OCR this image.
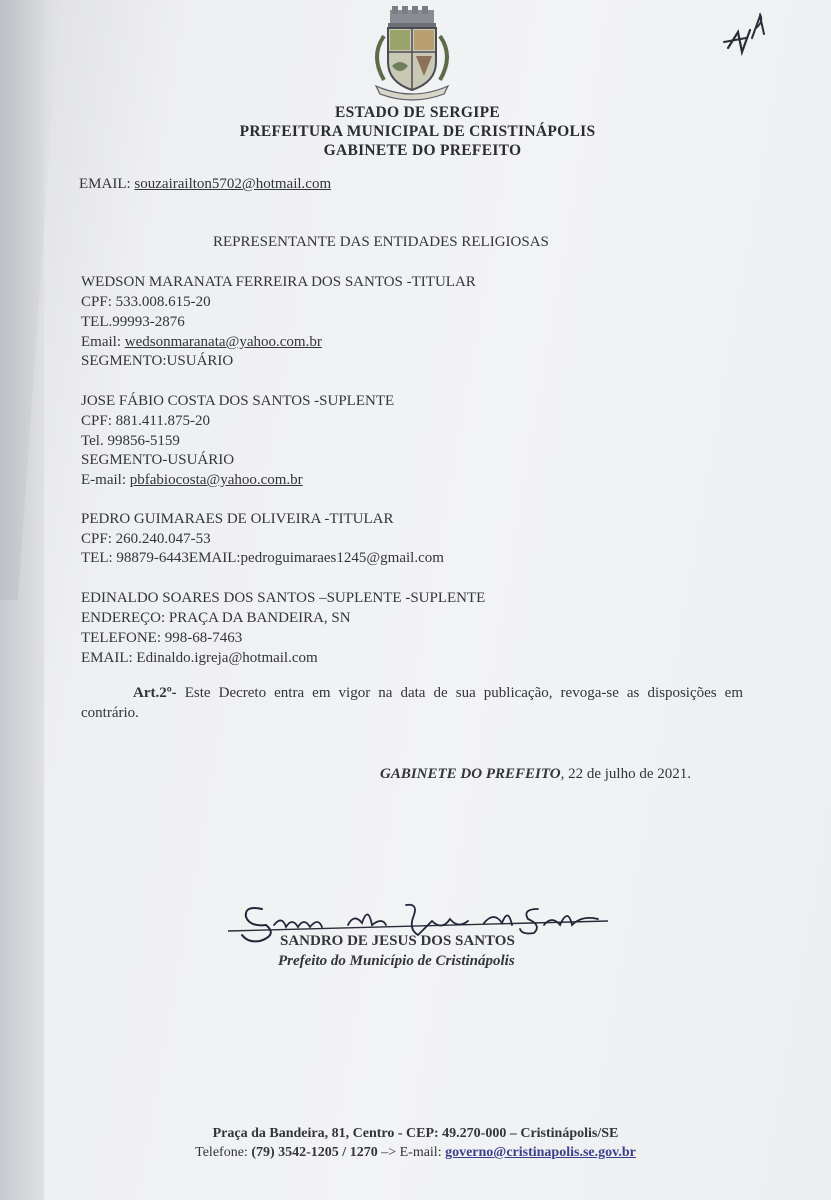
ESTADO DE SERGIPE
PREFEITURA MUNICIPAL DE CRISTINÁPOLIS
GABINETE DO PREFEITO
EMAIL: souzairailton5702@hotmail.com
REPRESENTANTE DAS ENTIDADES RELIGIOSAS
WEDSON MARANATA FERREIRA DOS SANTOS -TITULAR
CPF: 533.008.615-20
TEL.99993-2876
Email: wedsonmaranata@yahoo.com.br
SEGMENTO:USUÁRIO
JOSE FÁBIO COSTA DOS SANTOS -SUPLENTE
CPF: 881.411.875-20
Tel. 99856-5159
SEGMENTO-USUÁRIO
E-mail: pbfabiocosta@yahoo.com.br
PEDRO GUIMARAES DE OLIVEIRA -TITULAR
CPF: 260.240.047-53
TEL: 98879-6443EMAIL:pedroguimaraes1245@gmail.com
EDINALDO SOARES DOS SANTOS –SUPLENTE -SUPLENTE
ENDEREÇO: PRAÇA DA BANDEIRA, SN
TELEFONE: 998-68-7463
EMAIL: Edinaldo.igreja@hotmail.com
Art.2º- Este Decreto entra em vigor na data de sua publicação, revoga-se as disposições em contrário.
GABINETE DO PREFEITO, 22 de julho de 2021.
SANDRO DE JESUS DOS SANTOS
Prefeito do Município de Cristinápolis
Praça da Bandeira, 81, Centro - CEP: 49.270-000 – Cristinápolis/SE
Telefone: (79) 3542-1205 / 1270 –> E-mail: governo@cristinapolis.se.gov.br
